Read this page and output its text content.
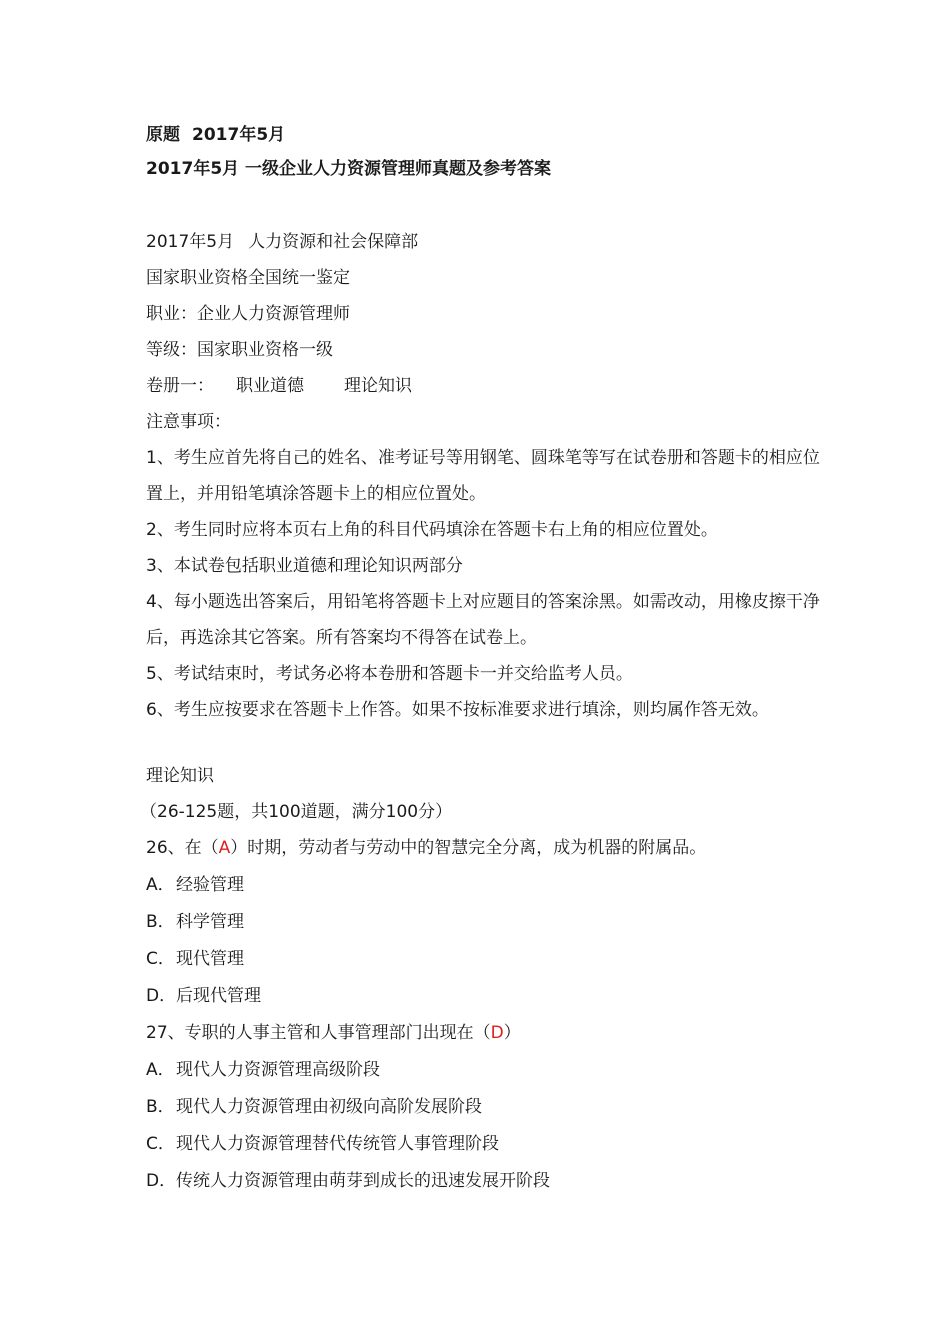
原题 2017年5月
2017年5月 一级企业人力资源管理师真题及参考答案
2017年5月 人力资源和社会保障部
国家职业资格全国统一鉴定
职业：企业人力资源管理师
等级：国家职业资格一级
卷册一： 职业道德 理论知识
注意事项：
1、考生应首先将自己的姓名、准考证号等用钢笔、圆珠笔等写在试卷册和答题卡的相应位置上，并用铅笔填涂答题卡上的相应位置处。
2、考生同时应将本页右上角的科目代码填涂在答题卡右上角的相应位置处。
3、本试卷包括职业道德和理论知识两部分
4、每小题选出答案后，用铅笔将答题卡上对应题目的答案涂黑。如需改动，用橡皮擦干净后，再选涂其它答案。所有答案均不得答在试卷上。
5、考试结束时，考试务必将本卷册和答题卡一并交给监考人员。
6、考生应按要求在答题卡上作答。如果不按标准要求进行填涂，则均属作答无效。
理论知识
（26-125题，共100道题，满分100分）
26、在（A）时期，劳动者与劳动中的智慧完全分离，成为机器的附属品。
A．经验管理
B．科学管理
C．现代管理
D．后现代管理
27、专职的人事主管和人事管理部门出现在（D）
A．现代人力资源管理高级阶段
B．现代人力资源管理由初级向高阶发展阶段
C．现代人力资源管理替代传统管人事管理阶段
D．传统人力资源管理由萌芽到成长的迅速发展开阶段
